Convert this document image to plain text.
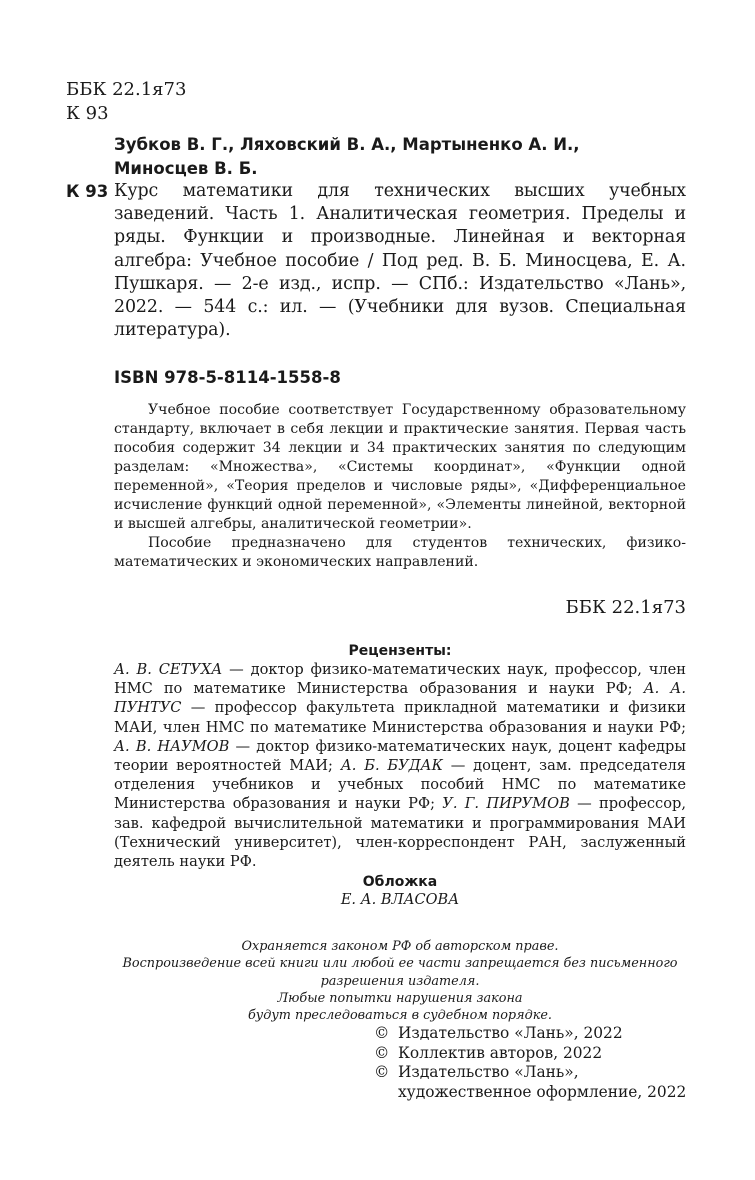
ББК 22.1я73
К 93
Зубков В. Г., Ляховский В. А., Мартыненко А. И., Миносцев В. Б.
К 93 Курс математики для технических высших учебных заведений. Часть 1. Аналитическая геометрия. Пределы и ряды. Функции и производные. Линейная и векторная алгебра: Учебное пособие / Под ред. В. Б. Миносцева, Е. А. Пушкаря. — 2-е изд., испр. — СПб.: Издательство «Лань», 2022. — 544 с.: ил. — (Учебники для вузов. Специальная литература).
ISBN 978-5-8114-1558-8

Учебное пособие соответствует Государственному образовательному стандарту, включает в себя лекции и практические занятия. Первая часть пособия содержит 34 лекции и 34 практических занятия по следующим разделам: «Множества», «Системы координат», «Функции одной переменной», «Теория пределов и числовые ряды», «Дифференциальное исчисление функций одной переменной», «Элементы линейной, векторной и высшей алгебры, аналитической геометрии».

Пособие предназначено для студентов технических, физико-математических и экономических направлений.

ББК 22.1я73
Рецензенты:
А. В. СЕТУХА — доктор физико-математических наук, профессор, член НМС по математике Министерства образования и науки РФ; А. А. ПУНТУС — профессор факультета прикладной математики и физики МАИ, член НМС по математике Министерства образования и науки РФ; А. В. НАУМОВ — доктор физико-математических наук, доцент кафедры теории вероятностей МАИ; А. Б. БУДАК — доцент, зам. председателя отделения учебников и учебных пособий НМС по математике Министерства образования и науки РФ; У. Г. ПИРУМОВ — профессор, зав. кафедрой вычислительной математики и программирования МАИ (Технический университет), член-корреспондент РАН, заслуженный деятель науки РФ.
Обложка
Е. А. ВЛАСОВА
Охраняется законом РФ об авторском праве.
Воспроизведение всей книги или любой ее части запрещается без письменного
разрешения издателя.
Любые попытки нарушения закона
будут преследоваться в судебном порядке.
© Издательство «Лань», 2022
© Коллектив авторов, 2022
© Издательство «Лань»,
художественное оформление, 2022
